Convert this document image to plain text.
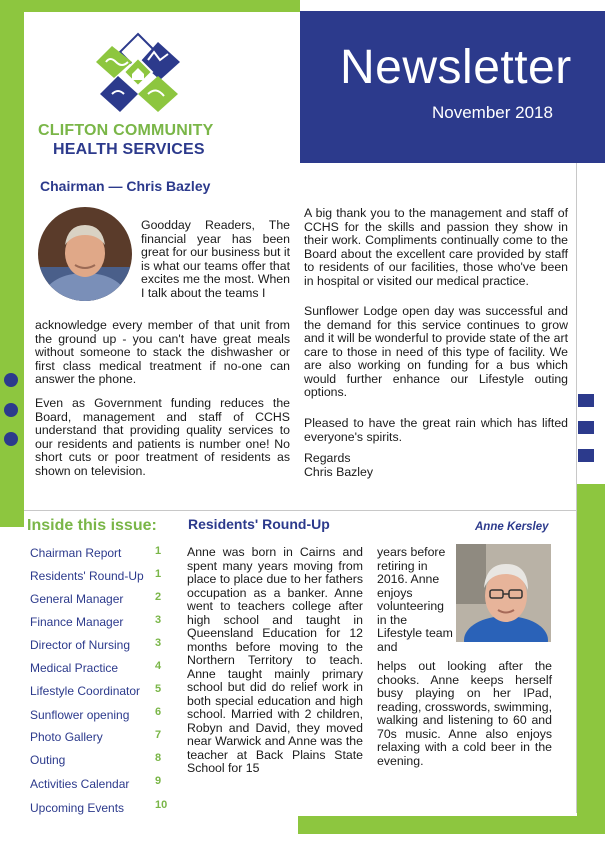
Newsletter
November 2018
CLIFTON COMMUNITY
HEALTH SERVICES
Chairman — Chris Bazley
Goodday Readers, The financial year has been great for our business but it is what our teams offer that excites me the most. When I talk about the teams I
acknowledge every member of that unit from the ground up - you can't have great meals without someone to stack the dishwasher or first class medical treatment if no-one can answer the phone.
Even as Government funding reduces the Board, management and staff of CCHS understand that providing quality services to our residents and patients is number one! No short cuts or poor treatment of residents as shown on television.
A big thank you to the management and staff of CCHS for the skills and passion they show in their work. Compliments continually come to the Board about the excellent care provided by staff to residents of our facilities, those who've been in hospital or visited our medical practice.
Sunflower Lodge open day was successful and the demand for this service continues to grow and it will be wonderful to provide state of the art care to those in need of this type of facility. We are also working on funding for a bus which would further enhance our Lifestyle outing options.
Pleased to have the great rain which has lifted everyone's spirits.
Regards
Chris Bazley
Inside this issue:
Chairman Report	1
Residents' Round-Up 1
General Manager	2
Finance Manager	3
Director of Nursing 3
Medical Practice	4
Lifestyle Coordinator 5
Sunflower opening 6
Photo Gallery	7
Outing	8
Activities Calendar 9
Upcoming Events	10
Residents' Round-Up	Anne Kersley
Anne was born in Cairns and spent many years moving from place to place due to her fathers occupation as a banker. Anne went to teachers college after high school and taught in Queensland Education for 12 months before moving to the Northern Territory to teach. Anne taught mainly primary school but did do relief work in both special education and high school. Married with 2 children, Robyn and David, they moved near Warwick and Anne was the teacher at Back Plains State School for 15
years before retiring in 2016. Anne enjoys volunteering in the Lifestyle team and
helps out looking after the chooks. Anne keeps herself busy playing on her IPad, reading, crosswords, swimming, walking and listening to 60 and 70s music. Anne also enjoys relaxing with a cold beer in the evening.
